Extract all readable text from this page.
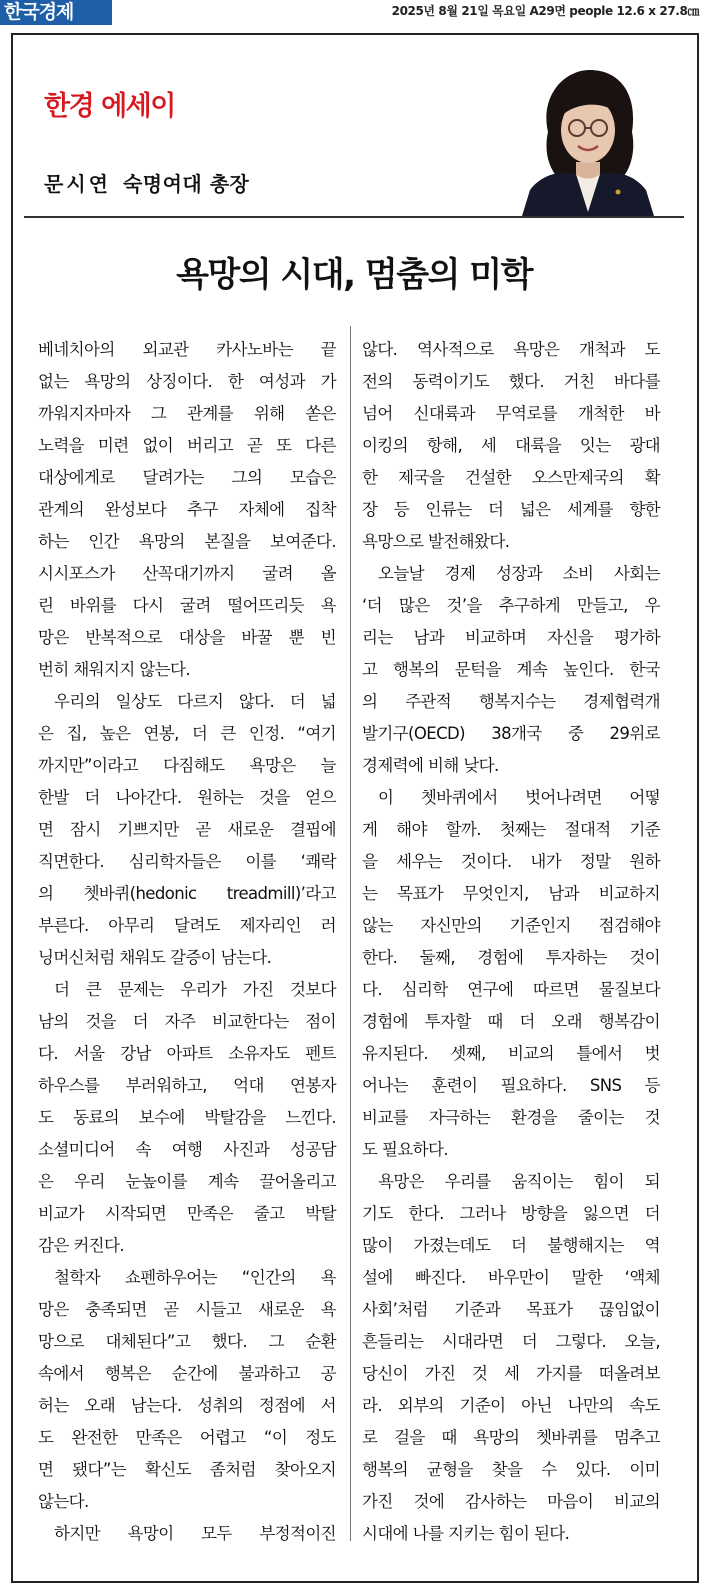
한국경제	2025년 8월 21일 목요일 A29면 people 12.6 x 27.8㎝
한경 에세이
문시연 숙명여대 총장
욕망의 시대, 멈춤의 미학
베네치아의 외교관 카사노바는 끝
없는 욕망의 상징이다. 한 여성과 가
까워지자마자 그 관계를 위해 쏟은
노력을 미련 없이 버리고 곧 또 다른
대상에게로 달려가는 그의 모습은
관계의 완성보다 추구 자체에 집착
하는 인간 욕망의 본질을 보여준다.
시시포스가 산꼭대기까지 굴려 올
린 바위를 다시 굴려 떨어뜨리듯 욕
망은 반복적으로 대상을 바꿀 뿐 빈
번히 채워지지 않는다.
우리의 일상도 다르지 않다. 더 넓
은 집, 높은 연봉, 더 큰 인정. “여기
까지만”이라고 다짐해도 욕망은 늘
한발 더 나아간다. 원하는 것을 얻으
면 잠시 기쁘지만 곧 새로운 결핍에
직면한다. 심리학자들은 이를 ‘쾌락
의 쳇바퀴(hedonic treadmill)’라고
부른다. 아무리 달려도 제자리인 러
닝머신처럼 채워도 갈증이 남는다.
더 큰 문제는 우리가 가진 것보다
남의 것을 더 자주 비교한다는 점이
다. 서울 강남 아파트 소유자도 펜트
하우스를 부러워하고, 억대 연봉자
도 동료의 보수에 박탈감을 느낀다.
소셜미디어 속 여행 사진과 성공담
은 우리 눈높이를 계속 끌어올리고
비교가 시작되면 만족은 줄고 박탈
감은 커진다.
철학자 쇼펜하우어는 “인간의 욕
망은 충족되면 곧 시들고 새로운 욕
망으로 대체된다”고 했다. 그 순환
속에서 행복은 순간에 불과하고 공
허는 오래 남는다. 성취의 정점에 서
도 완전한 만족은 어렵고 “이 정도
면 됐다”는 확신도 좀처럼 찾아오지
않는다.
하지만 욕망이 모두 부정적이진
않다. 역사적으로 욕망은 개척과 도
전의 동력이기도 했다. 거친 바다를
넘어 신대륙과 무역로를 개척한 바
이킹의 항해, 세 대륙을 잇는 광대
한 제국을 건설한 오스만제국의 확
장 등 인류는 더 넓은 세계를 향한
욕망으로 발전해왔다.
오늘날 경제 성장과 소비 사회는
‘더 많은 것’을 추구하게 만들고, 우
리는 남과 비교하며 자신을 평가하
고 행복의 문턱을 계속 높인다. 한국
의 주관적 행복지수는 경제협력개
발기구(OECD) 38개국 중 29위로
경제력에 비해 낮다.
이 쳇바퀴에서 벗어나려면 어떻
게 해야 할까. 첫째는 절대적 기준
을 세우는 것이다. 내가 정말 원하
는 목표가 무엇인지, 남과 비교하지
않는 자신만의 기준인지 점검해야
한다. 둘째, 경험에 투자하는 것이
다. 심리학 연구에 따르면 물질보다
경험에 투자할 때 더 오래 행복감이
유지된다. 셋째, 비교의 틀에서 벗
어나는 훈련이 필요하다. SNS 등
비교를 자극하는 환경을 줄이는 것
도 필요하다.
욕망은 우리를 움직이는 힘이 되
기도 한다. 그러나 방향을 잃으면 더
많이 가졌는데도 더 불행해지는 역
설에 빠진다. 바우만이 말한 ‘액체
사회’처럼 기준과 목표가 끊임없이
흔들리는 시대라면 더 그렇다. 오늘,
당신이 가진 것 세 가지를 떠올려보
라. 외부의 기준이 아닌 나만의 속도
로 걸을 때 욕망의 쳇바퀴를 멈추고
행복의 균형을 찾을 수 있다. 이미
가진 것에 감사하는 마음이 비교의
시대에 나를 지키는 힘이 된다.
